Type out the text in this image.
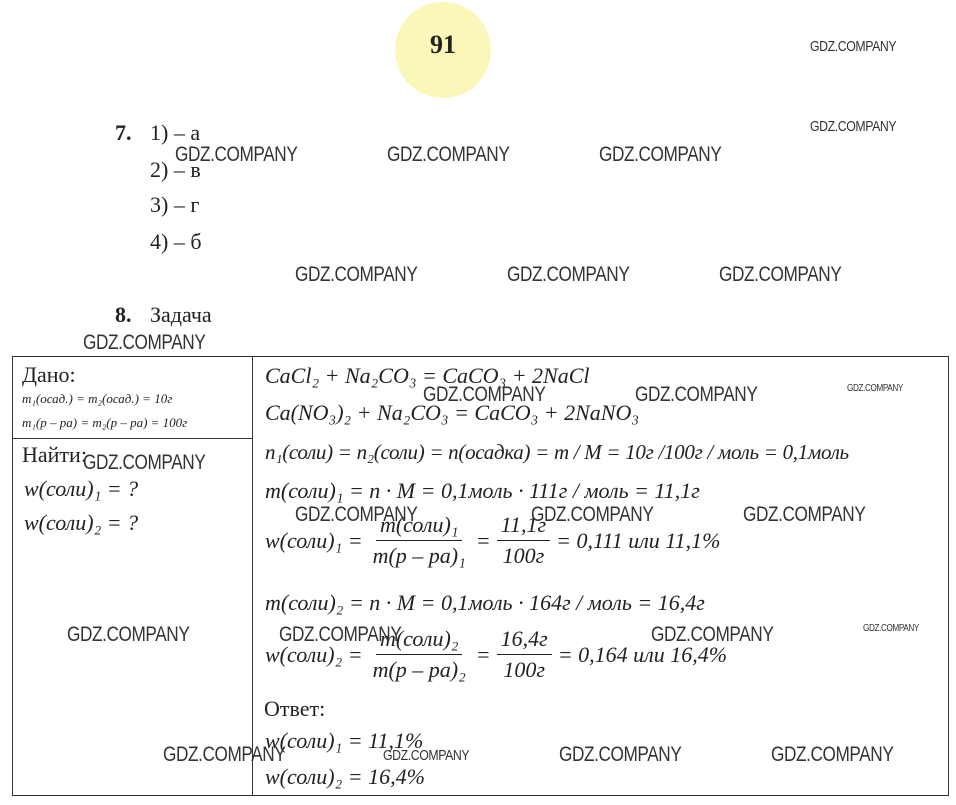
91
7. 1) – а
2) – в
3) – г
4) – б
8. Задача
Дано:
m₁(осад.) = m₂(осад.) = 10г
m₁(р – ра) = m₂(р – ра) = 100г
Найти:
w(соли)₁ = ?
w(соли)₂ = ?
CaCl₂ + Na₂CO₃ = CaCO₃ + 2NaCl
Ca(NO₃)₂ + Na₂CO₃ = CaCO₃ + 2NaNO₃
n₁(соли) = n₂(соли) = n(осадка) = m / M = 10г /100г / моль = 0,1моль
m(соли)₁ = n · M = 0,1моль · 111г / моль = 11,1г
w(соли)₁ = $\frac{\text{m(соли)₁}}{\text{m(р – ра)₁}} = \frac{11,1г}{100г} = 0,111$ или 11,1%
m(соли)₂ = n · M = 0,1моль · 164г / моль = 16,4г
w(соли)₂ = $\frac{\text{m(соли)₂}}{\text{m(р – ра)₂}} = \frac{16,4г}{100г} = 0,164$ или 16,4%
Ответ:
w(соли)₁ = 11,1%
w(соли)₂ = 16,4%
GDZ.COMPANY
GDZ.COMPANY
GDZ.COMPANY	GDZ.COMPANY	GDZ.COMPANY
GDZ.COMPANY	GDZ.COMPANY	GDZ.COMPANY
GDZ.COMPANY
GDZ.COMPANY	GDZ.COMPANY	GDZ.COMPANY
GDZ.COMPANY
GDZ.COMPANY	GDZ.COMPANY	GDZ.COMPANY
GDZ.COMPANY	GDZ.COMPANY	GDZ.COMPANY	GDZ.COMPANY
GDZ.COMPANY	GDZ.COMPANY	GDZ.COMPANY	GDZ.COMPANY
